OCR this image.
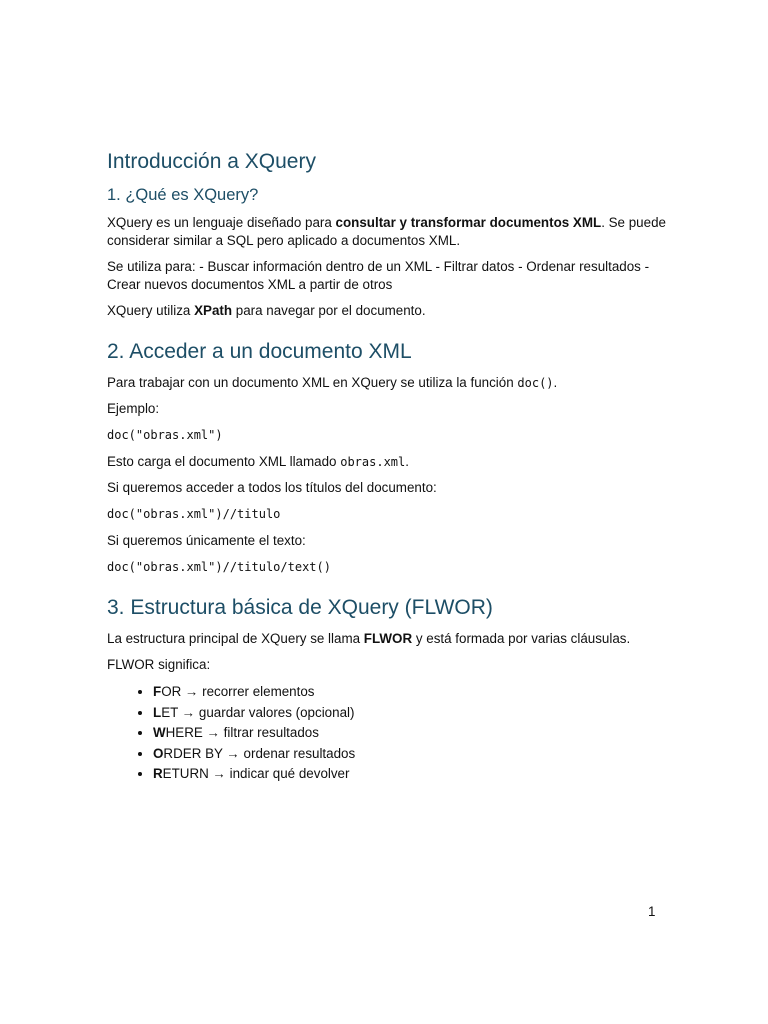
Introducción a XQuery
1. ¿Qué es XQuery?

XQuery es un lenguaje diseñado para consultar y transformar documentos XML. Se puede considerar similar a SQL pero aplicado a documentos XML.

Se utiliza para: - Buscar información dentro de un XML - Filtrar datos - Ordenar resultados - Crear nuevos documentos XML a partir de otros

XQuery utiliza XPath para navegar por el documento.

2. Acceder a un documento XML

Para trabajar con un documento XML en XQuery se utiliza la función doc().

Ejemplo:

doc("obras.xml")

Esto carga el documento XML llamado obras.xml.

Si queremos acceder a todos los títulos del documento:

doc("obras.xml")//titulo

Si queremos únicamente el texto:

doc("obras.xml")//titulo/text()

3. Estructura básica de XQuery (FLWOR)

La estructura principal de XQuery se llama FLWOR y está formada por varias cláusulas.

FLWOR significa:

• FOR → recorrer elementos
• LET → guardar valores (opcional)
• WHERE → filtrar resultados
• ORDER BY → ordenar resultados
• RETURN → indicar qué devolver
1
